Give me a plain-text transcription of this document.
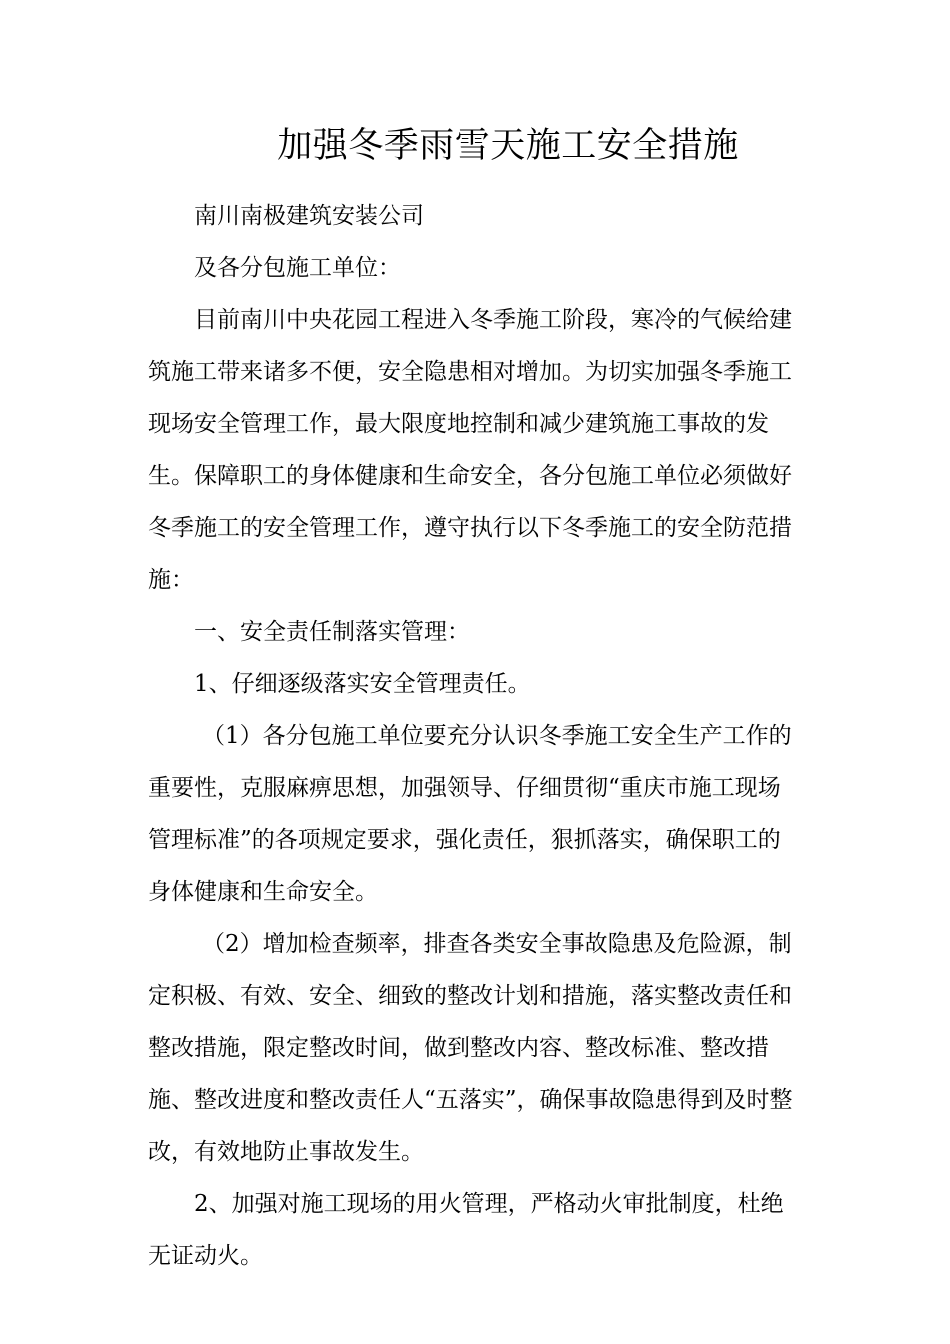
加强冬季雨雪天施工安全措施

南川南极建筑安装公司

及各分包施工单位：

目前南川中央花园工程进入冬季施工阶段，寒冷的气候给建筑施工带来诸多不便，安全隐患相对增加。为切实加强冬季施工现场安全管理工作，最大限度地控制和减少建筑施工事故的发生。保障职工的身体健康和生命安全，各分包施工单位必须做好冬季施工的安全管理工作，遵守执行以下冬季施工的安全防范措施：

一、安全责任制落实管理：

1、仔细逐级落实安全管理责任。

（1）各分包施工单位要充分认识冬季施工安全生产工作的重要性，克服麻痹思想，加强领导、仔细贯彻“重庆市施工现场管理标准”的各项规定要求，强化责任，狠抓落实，确保职工的身体健康和生命安全。

（2）增加检查频率，排查各类安全事故隐患及危险源，制定积极、有效、安全、细致的整改计划和措施，落实整改责任和整改措施，限定整改时间，做到整改内容、整改标准、整改措施、整改进度和整改责任人“五落实”，确保事故隐患得到及时整改，有效地防止事故发生。

2、加强对施工现场的用火管理，严格动火审批制度，杜绝无证动火。
